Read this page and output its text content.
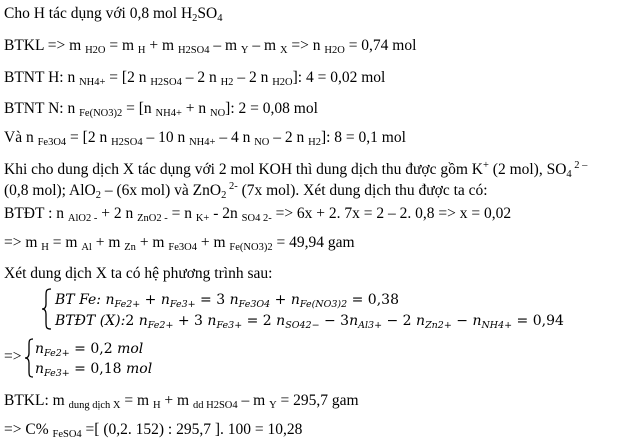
Cho H tác dụng với 0,8 mol $H_2SO_4$
BTKL => m $_{H2O}$ = m $_H$ + m $_{H2SO4}$ – m $_Y$ – m $_X$ => n $_{H2O}$ = 0,74 mol
BTNT H: n $_{NH4+}$ = [2 n $_{H2SO4}$ – 2 n $_{H2}$ – 2 n $_{H2O}$]: 4 = 0,02 mol
BTNT N: n $_{Fe(NO3)2}$ = [n $_{NH4+}$ + n $_{NO}$]: 2 = 0,08 mol
Và n $_{Fe3O4}$ = [2 n $_{H2SO4}$ – 10 n $_{NH4+}$ – 4 n $_{NO}$ – 2 n $_{H2}$]: 8 = 0,1 mol
Khi cho dung dịch X tác dụng với 2 mol KOH thì dung dịch thu được gồm K+ (2 mol), $SO_4$ $^{2 -}$
(0,8 mol); AlO$_2$ – (6x mol) và ZnO$_2$ $^{2-}$ (7x mol). Xét dung dịch thu được ta có:
BTĐT : n $_{AlO2 -}$ + 2 n $_{ZnO2 -}$ = n $_{K+}$ - 2n $_{SO4 2-}$ => 6x + 2. 7x = 2 – 2. 0,8 => x = 0,02
=> m $_H$ = m $_{Al}$ + m $_{Zn}$ + m $_{Fe3O4}$ + m $_{Fe(NO3)2}$ = 49,94 gam
Xét dung dịch X ta có hệ phương trình sau:
BT Fe: nFe2+ + nFe3+ = 3 nFe3O4 + nFe(NO3)2 = 0,38
BTĐT (X):2 nFe2+ + 3 nFe3+ = 2 nSO42− − 3nAl3+ − 2 nZn2+ − nNH4+ = 0,94
=> nFe2+ = 0,2 mol
nFe3+ = 0,18 mol
BTKL: m $_{dung dịch X}$ = m $_H$ + m $_{dd H2SO4}$ – m $_Y$ = 295,7 gam
=> C% $_{FeSO4}$ =[ (0,2. 152) : 295,7 ]. 100 = 10,28
